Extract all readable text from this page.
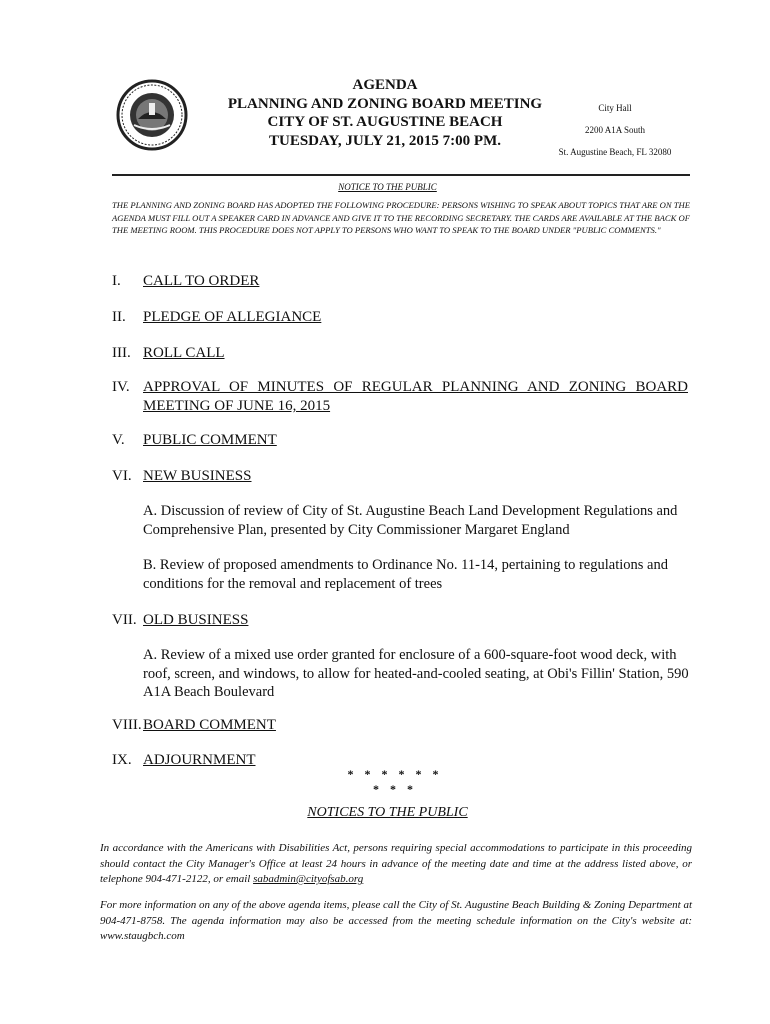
AGENDA
PLANNING AND ZONING BOARD MEETING
CITY OF ST. AUGUSTINE BEACH
TUESDAY, JULY 21, 2015 7:00 PM.
City Hall
2200 A1A South
St. Augustine Beach, FL 32080
NOTICE TO THE PUBLIC
THE PLANNING AND ZONING BOARD HAS ADOPTED THE FOLLOWING PROCEDURE: PERSONS WISHING TO SPEAK ABOUT TOPICS THAT ARE ON THE AGENDA MUST FILL OUT A SPEAKER CARD IN ADVANCE AND GIVE IT TO THE RECORDING SECRETARY. THE CARDS ARE AVAILABLE AT THE BACK OF THE MEETING ROOM. THIS PROCEDURE DOES NOT APPLY TO PERSONS WHO WANT TO SPEAK TO THE BOARD UNDER "PUBLIC COMMENTS."
I.	CALL TO ORDER
II.	PLEDGE OF ALLEGIANCE
III. ROLL CALL
IV. APPROVAL OF MINUTES OF REGULAR PLANNING AND ZONING BOARD MEETING OF JUNE 16, 2015
V.	PUBLIC COMMENT
VI. NEW BUSINESS
A. Discussion of review of City of St. Augustine Beach Land Development Regulations and Comprehensive Plan, presented by City Commissioner Margaret England
B. Review of proposed amendments to Ordinance No. 11-14, pertaining to regulations and conditions for the removal and replacement of trees
VII. OLD BUSINESS
A. Review of a mixed use order granted for enclosure of a 600-square-foot wood deck, with roof, screen, and windows, to allow for heated-and-cooled seating, at Obi's Fillin' Station, 590 A1A Beach Boulevard
VIII. BOARD COMMENT
IX. ADJOURNMENT
* * * * * * * * *
NOTICES TO THE PUBLIC
In accordance with the Americans with Disabilities Act, persons requiring special accommodations to participate in this proceeding should contact the City Manager's Office at least 24 hours in advance of the meeting date and time at the address listed above, or telephone 904-471-2122, or email sabadmin@cityofsab.org
For more information on any of the above agenda items, please call the City of St. Augustine Beach Building & Zoning Department at 904-471-8758. The agenda information may also be accessed from the meeting schedule information on the City's website at: www.staugbch.com
